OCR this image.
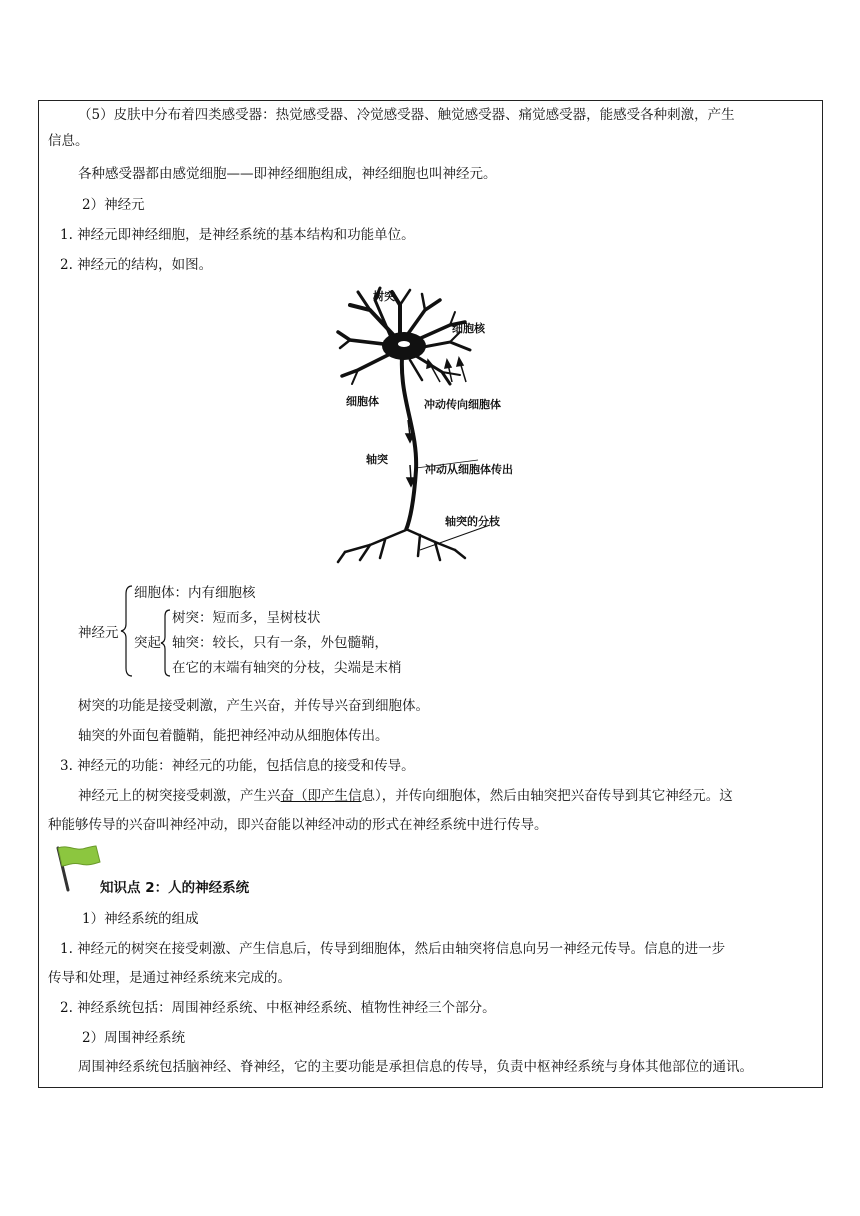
（5）皮肤中分布着四类感受器：热觉感受器、冷觉感受器、触觉感受器、痛觉感受器，能感受各种刺激，产生
信息。
各种感受器都由感觉细胞——即神经细胞组成，神经细胞也叫神经元。
2）神经元
1. 神经元即神经细胞，是神经系统的基本结构和功能单位。
2. 神经元的结构，如图。
树突
细胞核
细胞体	冲动传向细胞体
轴突
冲动从细胞体传出
轴突的分枝
神经元
细胞体：内有细胞核
突起
树突：短而多，呈树枝状
轴突：较长，只有一条，外包髓鞘，
在它的末端有轴突的分枝，尖端是末梢
树突的功能是接受刺激，产生兴奋，并传导兴奋到细胞体。
轴突的外面包着髓鞘，能把神经冲动从细胞体传出。
3. 神经元的功能：神经元的功能，包括信息的接受和传导。
神经元上的树突接受刺激，产生兴奋（即产生信息），并传向细胞体，然后由轴突把兴奋传导到其它神经元。这
种能够传导的兴奋叫神经冲动，即兴奋能以神经冲动的形式在神经系统中进行传导。
知识点 2：人的神经系统
1）神经系统的组成
1. 神经元的树突在接受刺激、产生信息后，传导到细胞体，然后由轴突将信息向另一神经元传导。信息的进一步
传导和处理，是通过神经系统来完成的。
2. 神经系统包括：周围神经系统、中枢神经系统、植物性神经三个部分。
2）周围神经系统
周围神经系统包括脑神经、脊神经，它的主要功能是承担信息的传导，负责中枢神经系统与身体其他部位的通讯。
